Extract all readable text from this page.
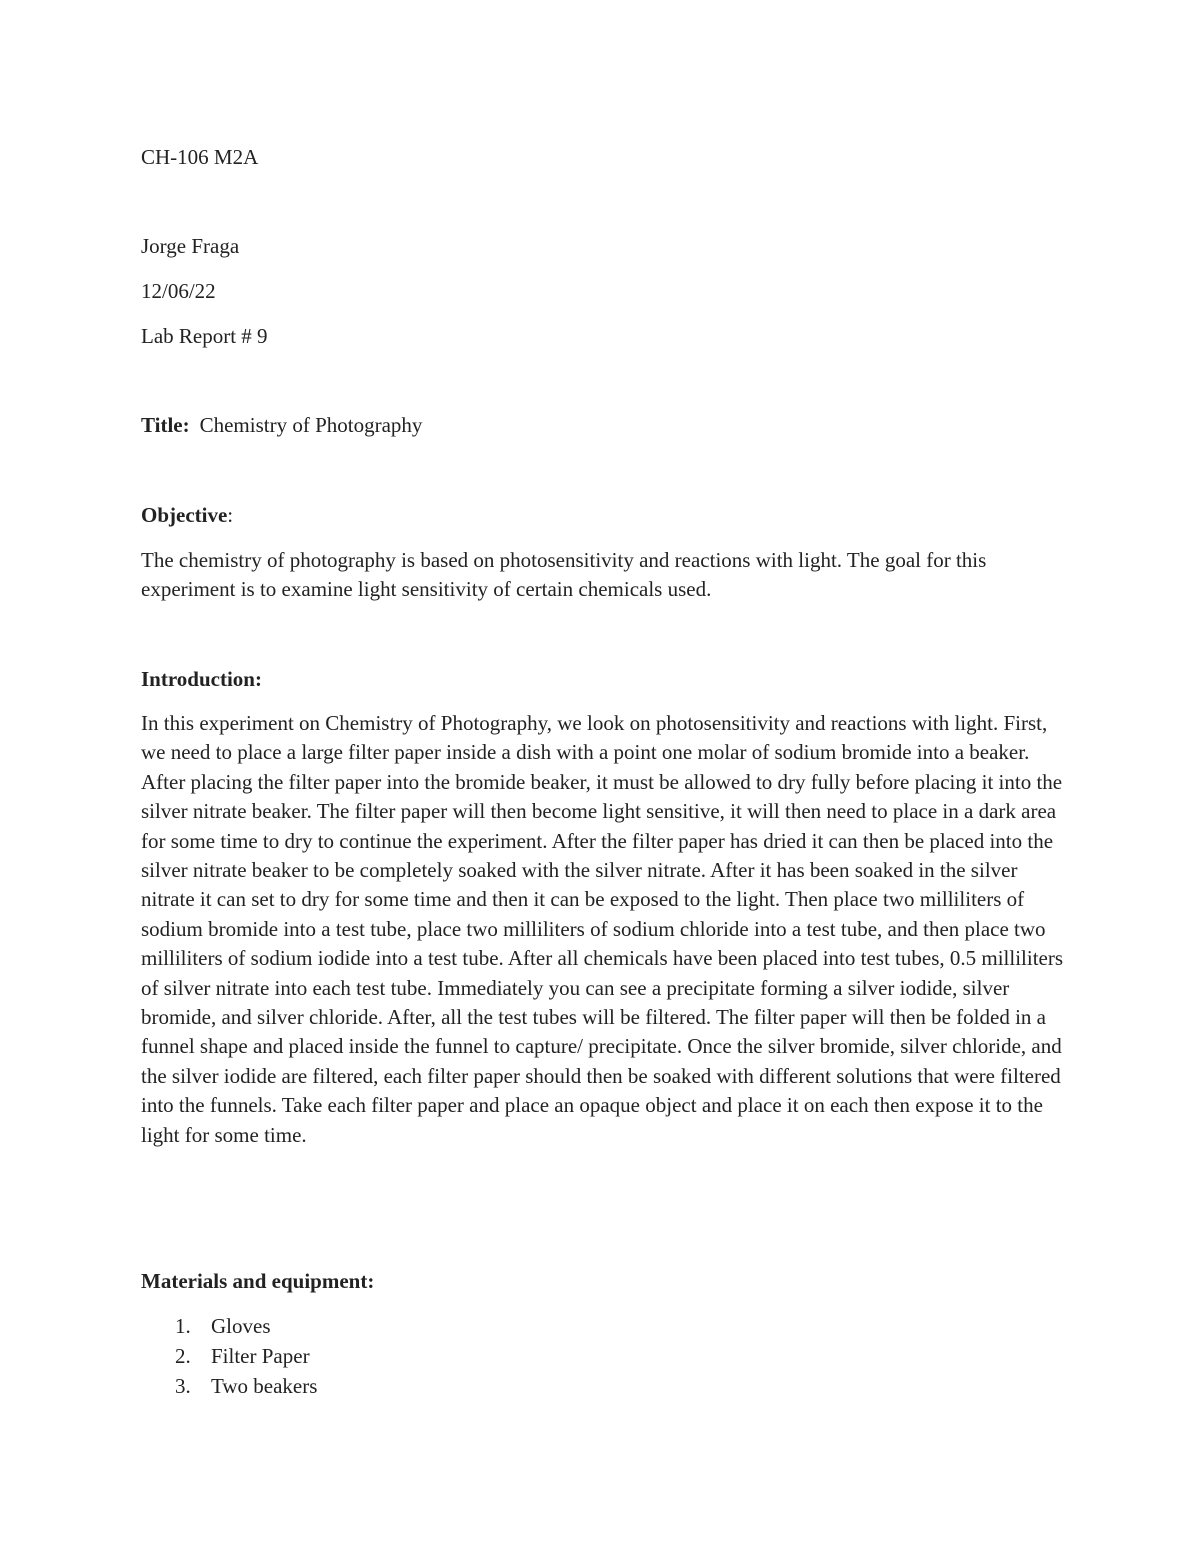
CH-106 M2A

Jorge Fraga

12/06/22

Lab Report # 9

Title: Chemistry of Photography

Objective:

The chemistry of photography is based on photosensitivity and reactions with light. The goal for this experiment is to examine light sensitivity of certain chemicals used.

Introduction:

In this experiment on Chemistry of Photography, we look on photosensitivity and reactions with light. First, we need to place a large filter paper inside a dish with a point one molar of sodium bromide into a beaker. After placing the filter paper into the bromide beaker, it must be allowed to dry fully before placing it into the silver nitrate beaker. The filter paper will then become light sensitive, it will then need to place in a dark area for some time to dry to continue the experiment. After the filter paper has dried it can then be placed into the silver nitrate beaker to be completely soaked with the silver nitrate. After it has been soaked in the silver nitrate it can set to dry for some time and then it can be exposed to the light. Then place two milliliters of sodium bromide into a test tube, place two milliliters of sodium chloride into a test tube, and then place two milliliters of sodium iodide into a test tube. After all chemicals have been placed into test tubes, 0.5 milliliters of silver nitrate into each test tube. Immediately you can see a precipitate forming a silver iodide, silver bromide, and silver chloride. After, all the test tubes will be filtered. The filter paper will then be folded in a funnel shape and placed inside the funnel to capture/ precipitate. Once the silver bromide, silver chloride, and the silver iodide are filtered, each filter paper should then be soaked with different solutions that were filtered into the funnels. Take each filter paper and place an opaque object and place it on each then expose it to the light for some time.

Materials and equipment:

1. Gloves
2. Filter Paper
3. Two beakers
